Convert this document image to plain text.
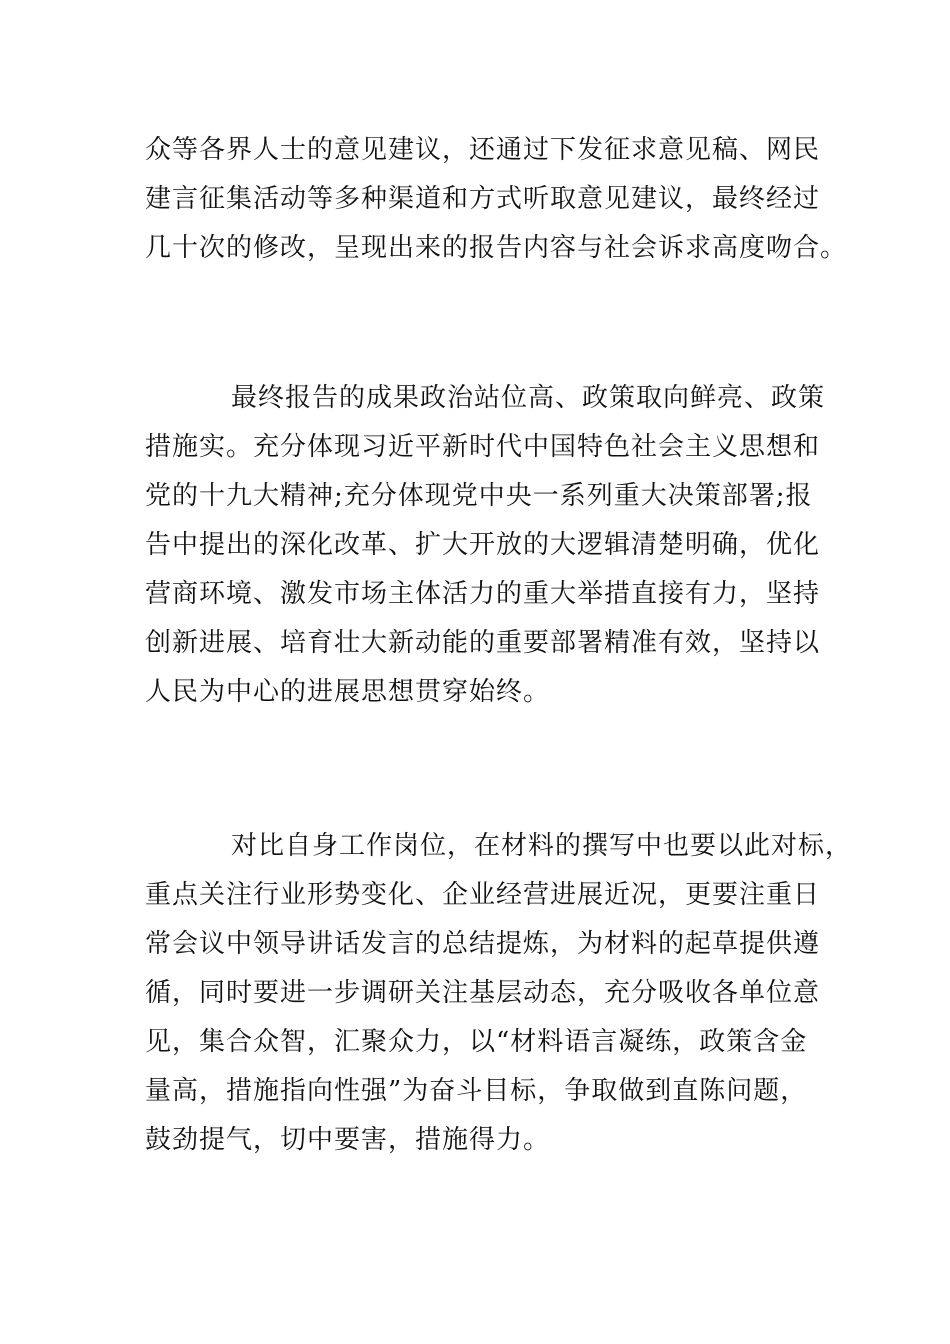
众等各界人士的意见建议，还通过下发征求意见稿、网民
建言征集活动等多种渠道和方式听取意见建议，最终经过
几十次的修改，呈现出来的报告内容与社会诉求高度吻合。
最终报告的成果政治站位高、政策取向鲜亮、政策
措施实。充分体现习近平新时代中国特色社会主义思想和
党的十九大精神;充分体现党中央一系列重大决策部署;报
告中提出的深化改革、扩大开放的大逻辑清楚明确，优化
营商环境、激发市场主体活力的重大举措直接有力，坚持
创新进展、培育壮大新动能的重要部署精准有效，坚持以
人民为中心的进展思想贯穿始终。
对比自身工作岗位，在材料的撰写中也要以此对标，
重点关注行业形势变化、企业经营进展近况，更要注重日
常会议中领导讲话发言的总结提炼，为材料的起草提供遵
循，同时要进一步调研关注基层动态，充分吸收各单位意
见，集合众智，汇聚众力，以“材料语言凝练，政策含金
量高，措施指向性强”为奋斗目标，争取做到直陈问题，
鼓劲提气，切中要害，措施得力。
